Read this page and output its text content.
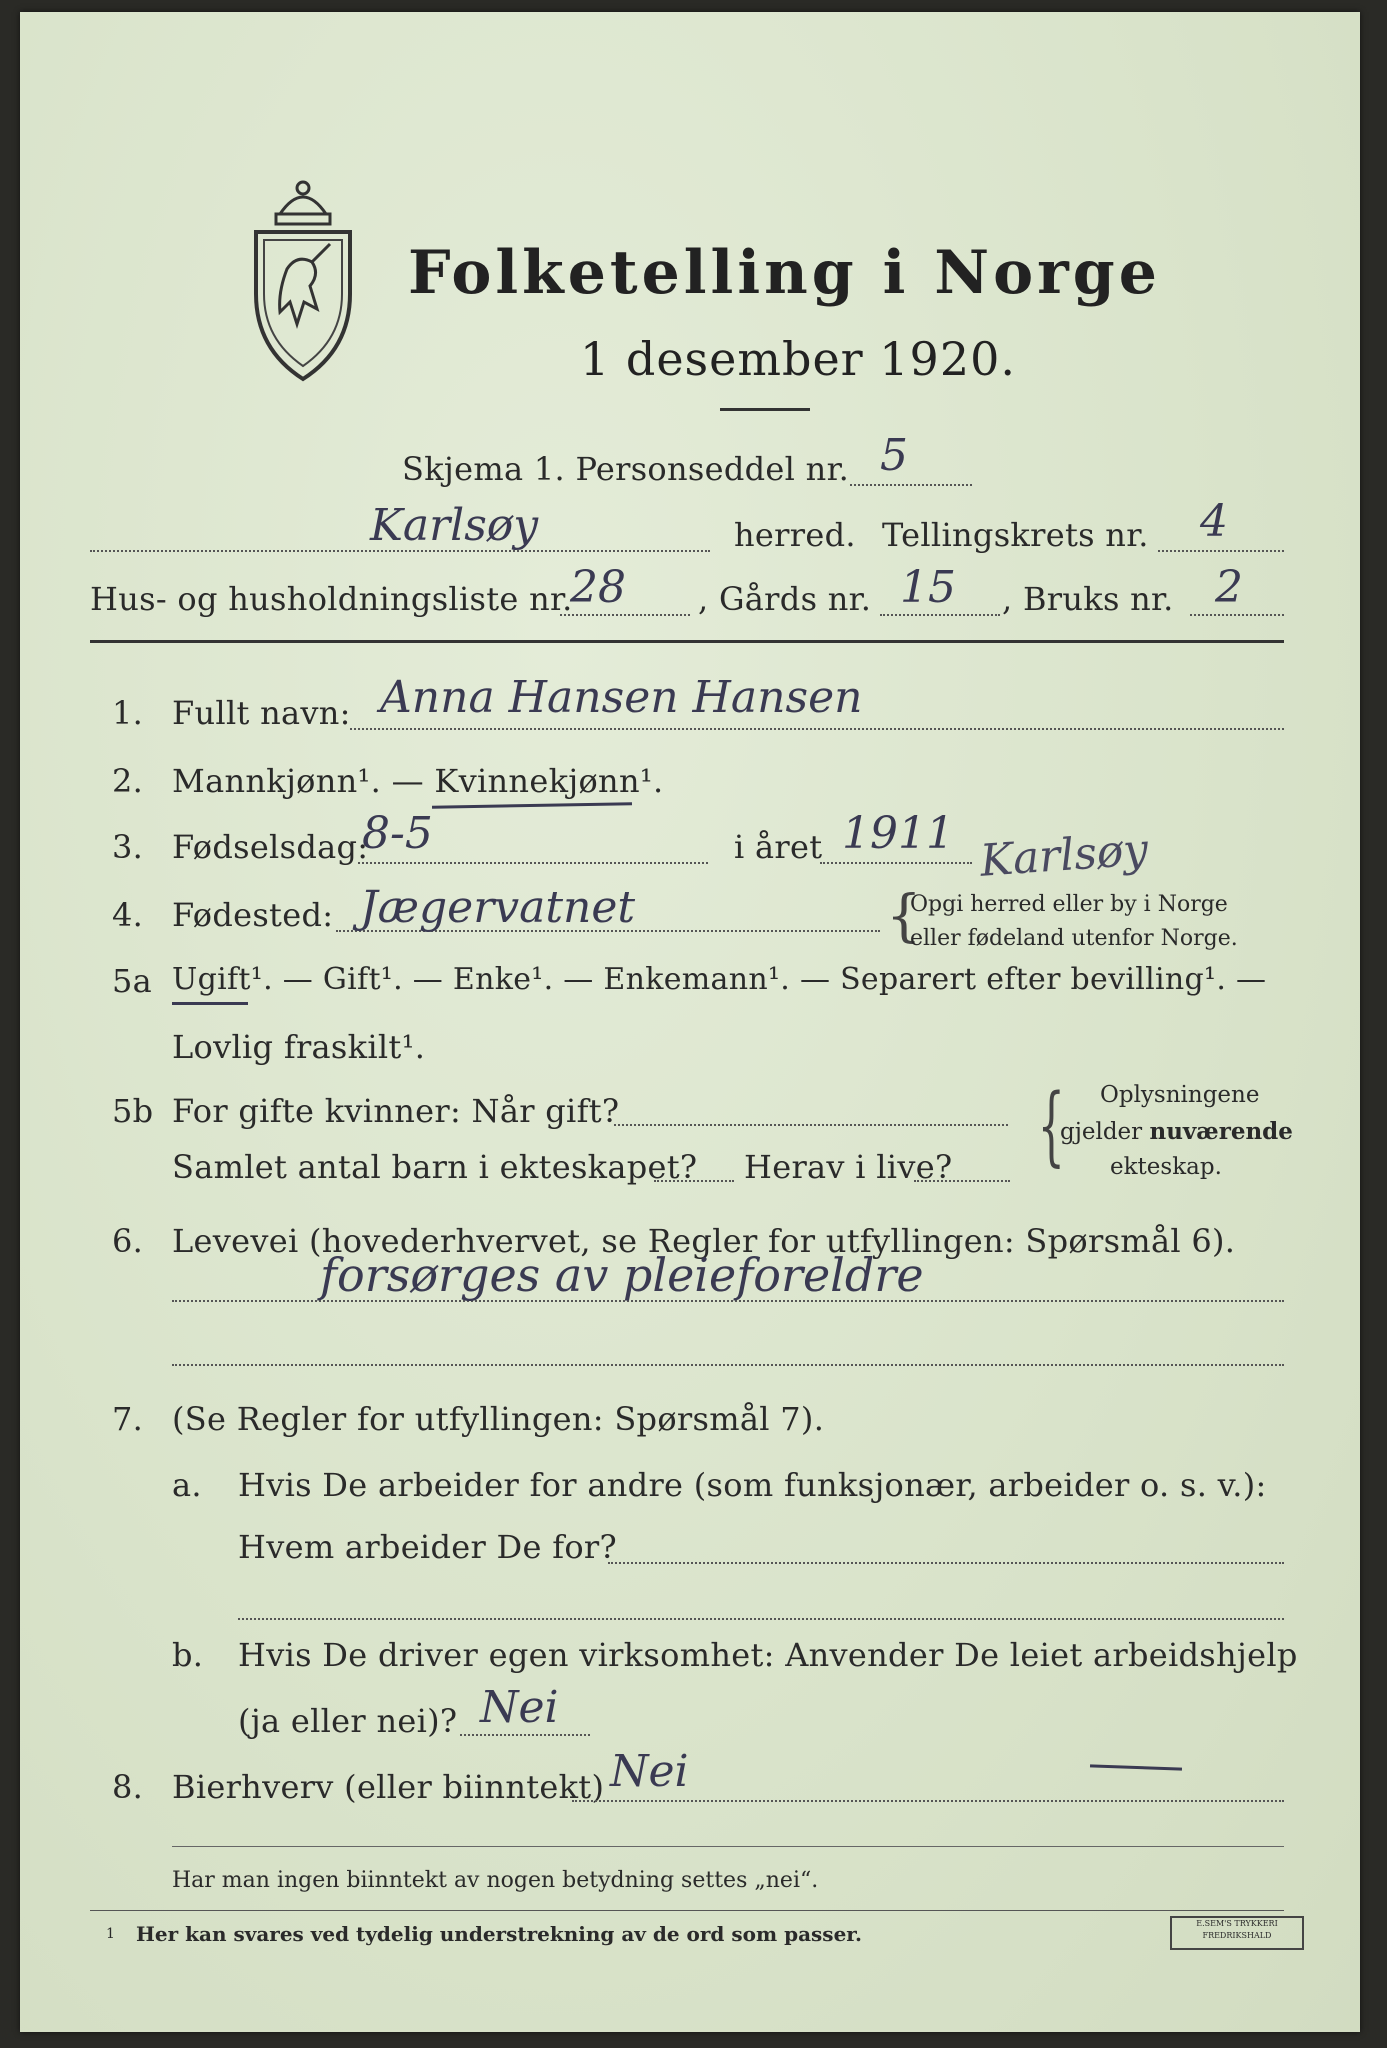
Folketelling i Norge
1 desember 1920.
Skjema 1. Personseddel nr. 5
Karlsøy	herred. Tellingskrets nr. 4
Hus- og husholdningsliste nr.
28 , Gårds nr. 15 , Bruks nr. 2
1. Fullt navn: Anna Hansen Hansen
2. Mannkjønn¹. — Kvinnekjønn¹.
3. Fødselsdag:
8-5	i året 1911
4. Fødested: Jægervatnet
Karlsøy
{
Opgi herred eller by i Norge
eller fødeland utenfor Norge.
5a Ugift¹. — Gift¹. — Enke¹. — Enkemann¹. — Separert efter bevilling¹. —
Lovlig fraskilt¹.
5b For gifte kvinner: Når gift?
Samlet antal barn i ekteskapet? Herav i live? { Oplysningene
gjelder nuværende
ekteskap.
6. Levevei (hovederhvervet, se Regler for utfyllingen: Spørsmål 6).
forsørges av pleieforeldre
7. (Se Regler for utfyllingen: Spørsmål 7).
a. Hvis De arbeider for andre (som funksjonær, arbeider o. s. v.):
Hvem arbeider De for?
b. Hvis De driver egen virksomhet: Anvender De leiet arbeidshjelp
(ja eller nei)? Nei
8. Bierhverv (eller biinntekt) Nei
Har man ingen biinntekt av nogen betydning settes „nei“.
1 Her kan svares ved tydelig understrekning av de ord som passer.	E.SEM'S TRYKKERI
FREDRIKSHALD
